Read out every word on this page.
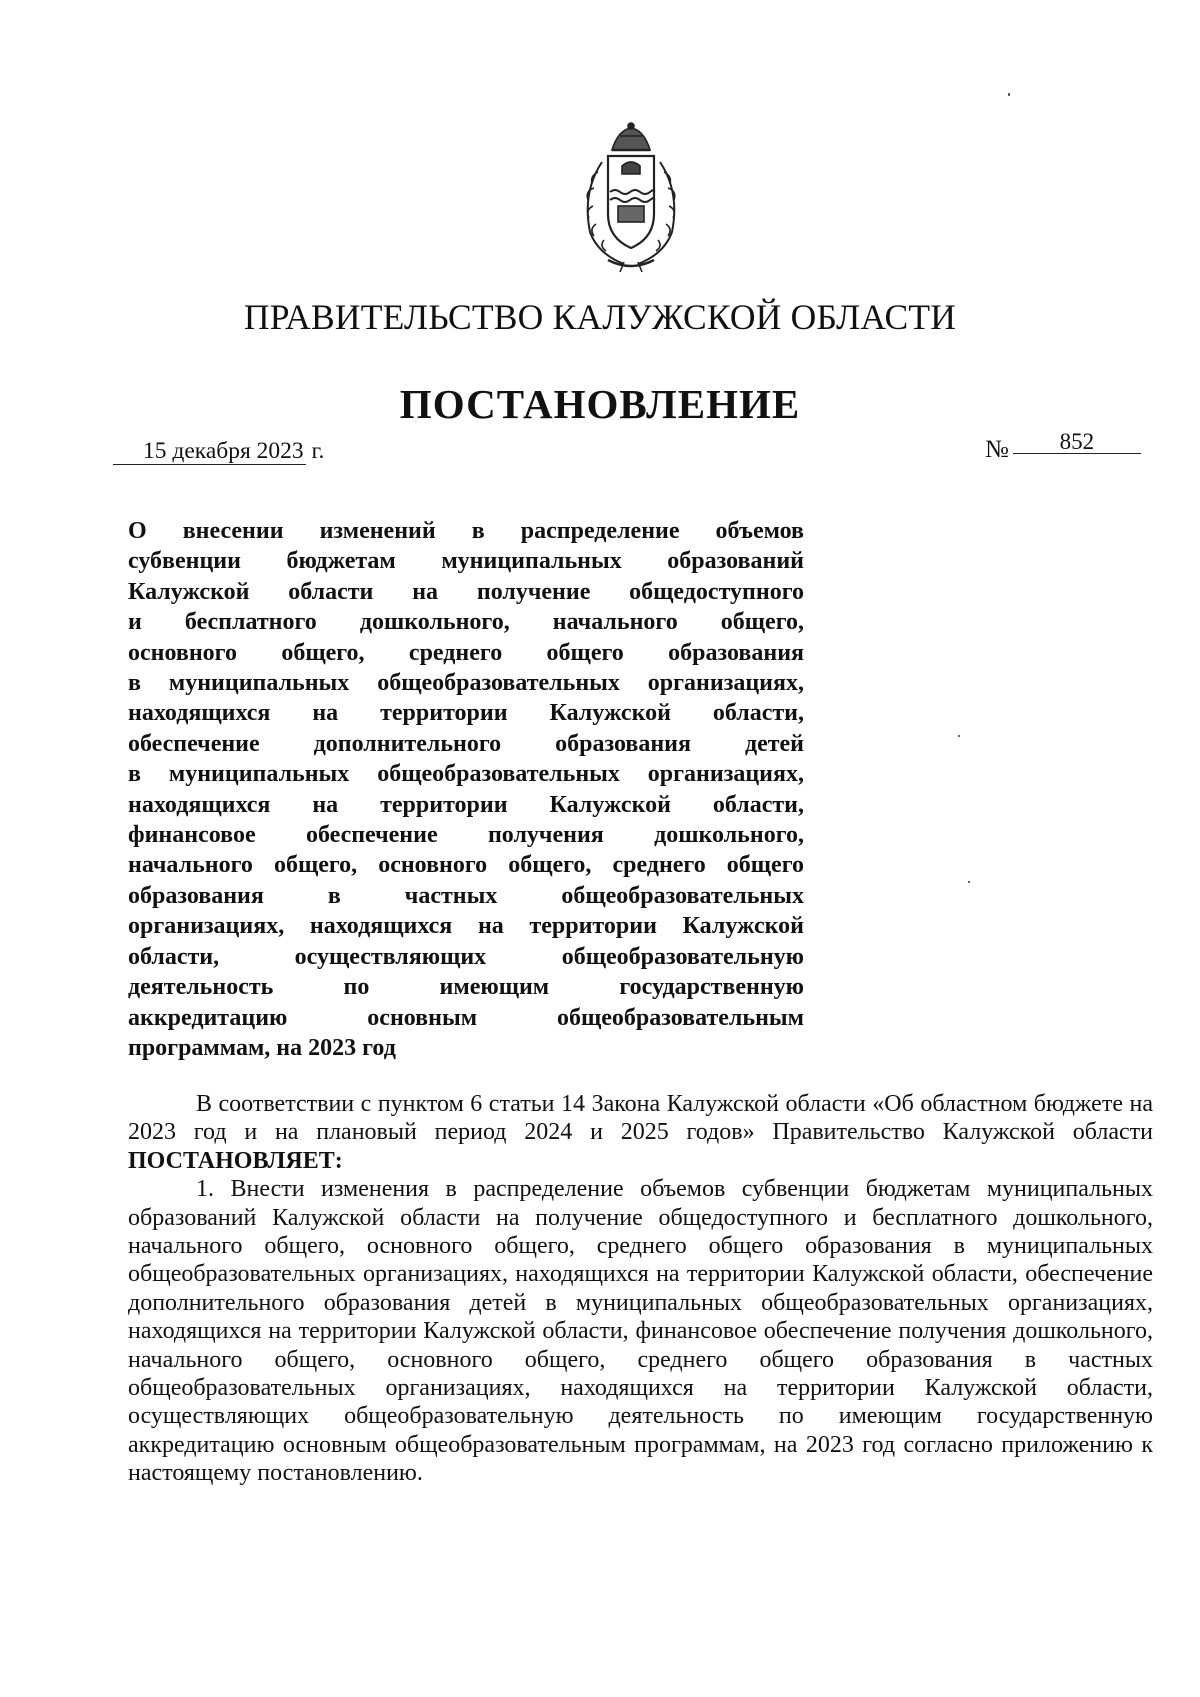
ПРАВИТЕЛЬСТВО КАЛУЖСКОЙ ОБЛАСТИ
ПОСТАНОВЛЕНИЕ
15 декабря 2023 г.	№ 852
О внесении изменений в распределение объемов
субвенции бюджетам муниципальных образований
Калужской области на получение общедоступного
и бесплатного дошкольного, начального общего,
основного общего, среднего общего образования
в муниципальных общеобразовательных организациях,
находящихся на территории Калужской области,
обеспечение дополнительного образования детей
в муниципальных общеобразовательных организациях,
находящихся на территории Калужской области,
финансовое обеспечение получения дошкольного,
начального общего, основного общего, среднего общего
образования в частных общеобразовательных
организациях, находящихся на территории Калужской
области, осуществляющих общеобразовательную
деятельность по имеющим государственную
аккредитацию основным общеобразовательным
программам, на 2023 год

В соответствии с пунктом 6 статьи 14 Закона Калужской области «Об областном бюджете на 2023 год и на плановый период 2024 и 2025 годов» Правительство Калужской области ПОСТАНОВЛЯЕТ:

1. Внести изменения в распределение объемов субвенции бюджетам муниципальных образований Калужской области на получение общедоступного и бесплатного дошкольного, начального общего, основного общего, среднего общего образования в муниципальных общеобразовательных организациях, находящихся на территории Калужской области, обеспечение дополнительного образования детей в муниципальных общеобразовательных организациях, находящихся на территории Калужской области, финансовое обеспечение получения дошкольного, начального общего, основного общего, среднего общего образования в частных общеобразовательных организациях, находящихся на территории Калужской области, осуществляющих общеобразовательную деятельность по имеющим государственную аккредитацию основным общеобразовательным программам, на 2023 год согласно приложению к настоящему постановлению.
